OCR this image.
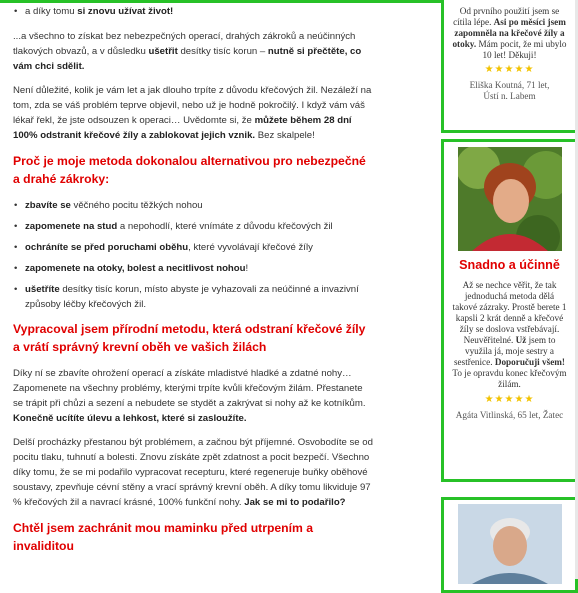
• a díky tomu si znovu užívat život!

...a všechno to získat bez nebezpečných operací, drahých zákroků a neúčinných tlakových obvazů, a v důsledku ušetřit desítky tisíc korun – nutně si přečtěte, co vám chci sdělit.

Není důležité, kolik je vám let a jak dlouho trpíte z důvodu křečových žil. Nezáleží na tom, zda se váš problém teprve objevil, nebo už je hodně pokročilý. I když vám váš lékař řekl, že jste odsouzen k operaci… Uvědomte si, že můžete během 28 dní 100% odstranit křečové žíly a zablokovat jejich vznik. Bez skalpele!

Proč je moje metoda dokonalou alternativou pro nebezpečné a drahé zákroky:
• zbavíte se věčného pocitu těžkých nohou
• zapomenete na stud a nepohodlí, které vnímáte z důvodu křečových žil
• ochráníte se před poruchami oběhu, které vyvolávají křečové žíly
• zapomenete na otoky, bolest a necitlivost nohou!
• ušetříte desítky tisíc korun, místo abyste je vyhazovali za neúčinné a invazivní způsoby léčby křečových žil.
Vypracoval jsem přírodní metodu, která odstraní křečové žíly a vrátí správný krevní oběh ve vašich žilách

Díky ní se zbavíte ohrožení operací a získáte mladistvé hladké a zdatné nohy… Zapomenete na všechny problémy, kterými trpíte kvůli křečovým žilám. Přestanete se trápit při chůzi a sezení a nebudete se stydět a zakrývat si nohy až ke kotníkům. Konečně ucítíte úlevu a lehkost, které si zasloužíte.

Delší procházky přestanou být problémem, a začnou být příjemné. Osvobodíte se od pocitu tlaku, tuhnutí a bolesti. Znovu získáte zpět zdatnost a pocit bezpečí. Všechno díky tomu, že se mi podařilo vypracovat recepturu, které regeneruje buňky oběhové soustavy, zpevňuje cévní stěny a vrací správný krevní oběh. A díky tomu likviduje 97 % křečových žil a navrací krásné, 100% funkční nohy. Jak se mi to podařilo?

Chtěl jsem zachránit mou maminku před utrpením a invaliditou
Od prvního použití jsem se cítila lépe. Asi po měsíci jsem zapomněla na křečové žíly a otoky. Mám pocit, že mi ubylo 10 let! Děkuji!
★★★★★
Eliška Koutná, 71 let,
Ústí n. Labem
Snadno a účinně
Až se nechce věřit, že tak jednoduchá metoda dělá takové zázraky. Prostě berete 1 kapsli 2 krát denně a křečové žíly se doslova vstřebávají. Neuvěřitelné. Už jsem to využila já, moje sestry a sestřenice. Doporučuji všem! To je opravdu konec křečovým žilám.
★★★★★
Agáta Vitlinská, 65 let, Žatec
